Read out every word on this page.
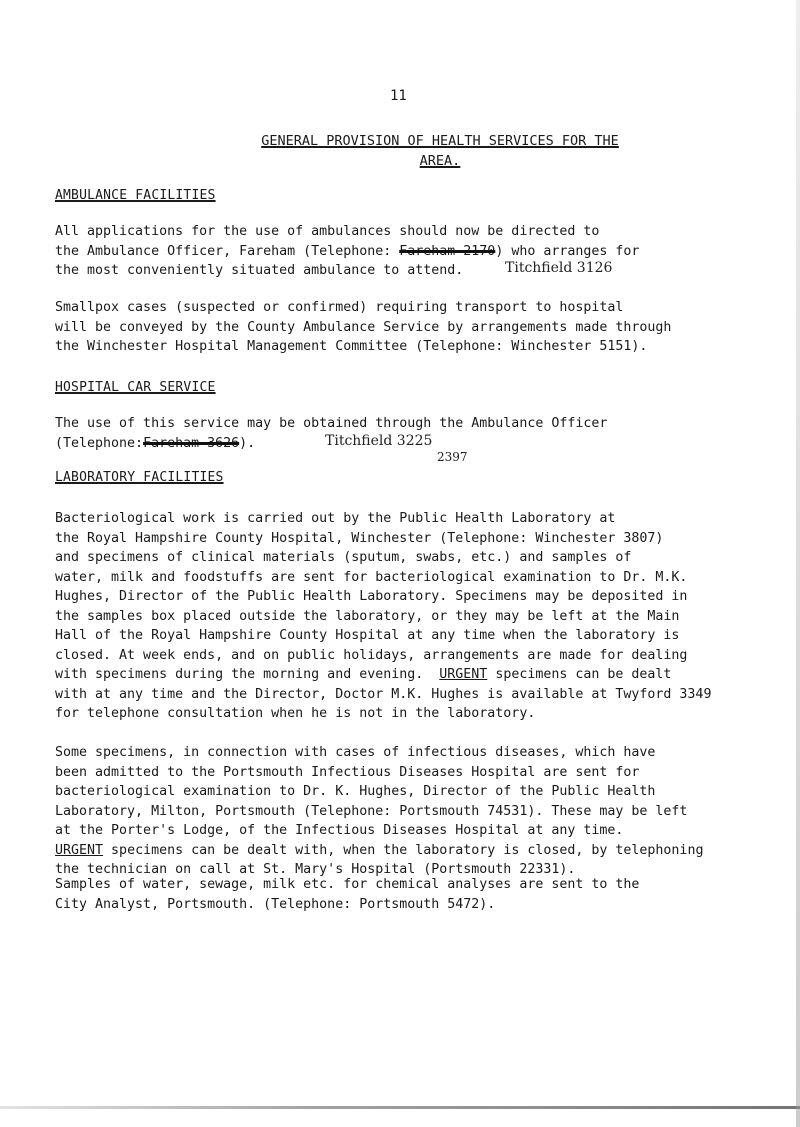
11
GENERAL PROVISION OF HEALTH SERVICES FOR THE AREA.
AMBULANCE FACILITIES

All applications for the use of ambulances should now be directed to
the Ambulance Officer, Fareham (Telephone: Fareham 2170) who arranges for
the most conveniently situated ambulance to attend.	Titchfield 3126

Smallpox cases (suspected or confirmed) requiring transport to hospital
will be conveyed by the County Ambulance Service by arrangements made through
the Winchester Hospital Management Committee (Telephone: Winchester 5151).

HOSPITAL CAR SERVICE

The use of this service may be obtained through the Ambulance Officer
(Telephone:Fareham 3626).	Titchfield 3225
2397
LABORATORY FACILITIES

Bacteriological work is carried out by the Public Health Laboratory at
the Royal Hampshire County Hospital, Winchester (Telephone: Winchester 3807)
and specimens of clinical materials (sputum, swabs, etc.) and samples of
water, milk and foodstuffs are sent for bacteriological examination to Dr. M.K.
Hughes, Director of the Public Health Laboratory. Specimens may be deposited in
the samples box placed outside the laboratory, or they may be left at the Main
Hall of the Royal Hampshire County Hospital at any time when the laboratory is
closed. At week ends, and on public holidays, arrangements are made for dealing
with specimens during the morning and evening.  URGENT specimens can be dealt
with at any time and the Director, Doctor M.K. Hughes is available at Twyford 3349
for telephone consultation when he is not in the laboratory.

Some specimens, in connection with cases of infectious diseases, which have
been admitted to the Portsmouth Infectious Diseases Hospital are sent for
bacteriological examination to Dr. K. Hughes, Director of the Public Health
Laboratory, Milton, Portsmouth (Telephone: Portsmouth 74531). These may be left
at the Porter's Lodge, of the Infectious Diseases Hospital at any time.
URGENT specimens can be dealt with, when the laboratory is closed, by telephoning
the technician on call at St. Mary's Hospital (Portsmouth 22331).

Samples of water, sewage, milk etc. for chemical analyses are sent to the
City Analyst, Portsmouth. (Telephone: Portsmouth 5472).
